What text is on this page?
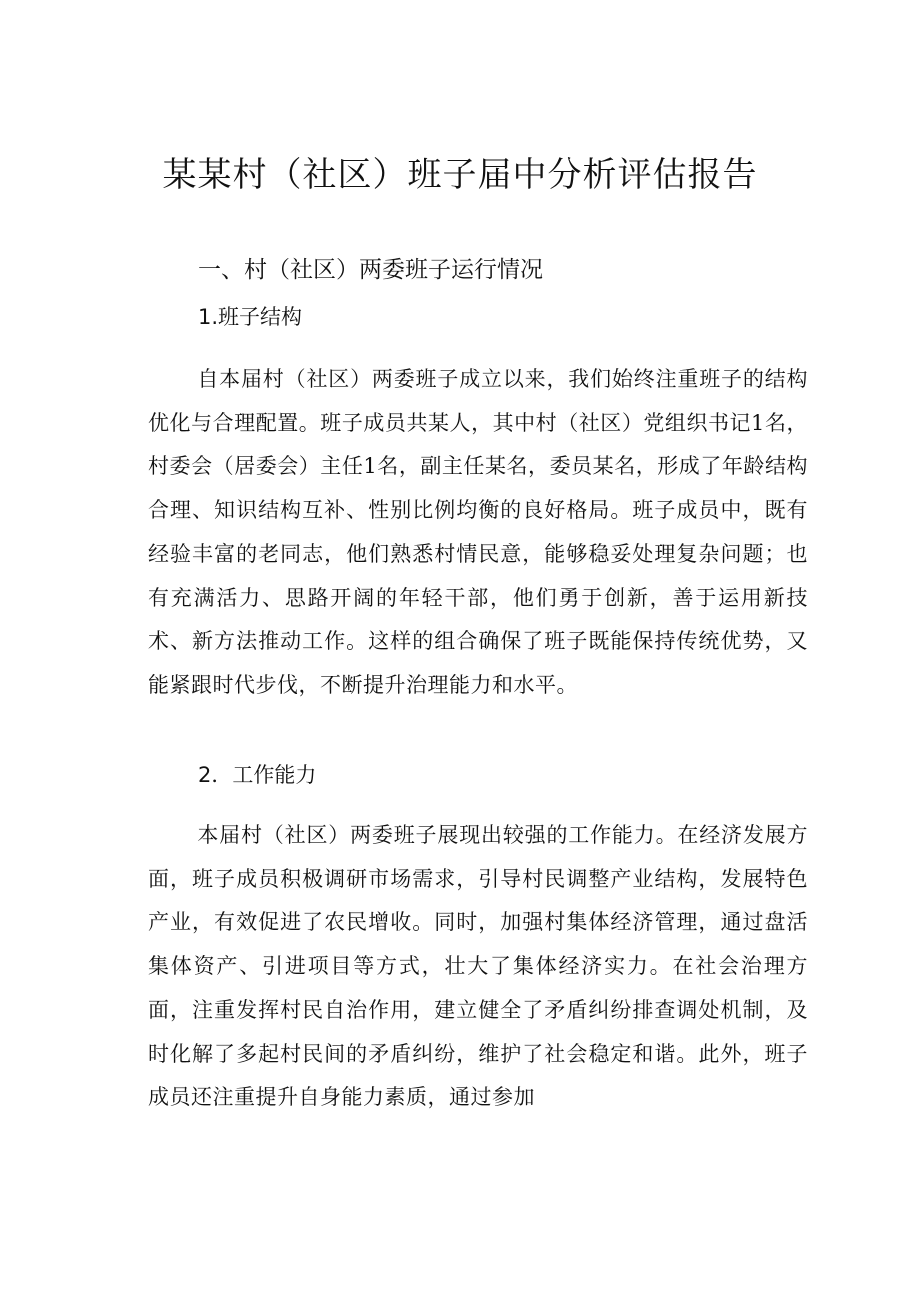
某某村（社区）班子届中分析评估报告
一、村（社区）两委班子运行情况
1.班子结构

自本届村（社区）两委班子成立以来，我们始终注重班子的结构优化与合理配置。班子成员共某人，其中村（社区）党组织书记1名，村委会（居委会）主任1名，副主任某名，委员某名，形成了年龄结构合理、知识结构互补、性别比例均衡的良好格局。班子成员中，既有经验丰富的老同志，他们熟悉村情民意，能够稳妥处理复杂问题；也有充满活力、思路开阔的年轻干部，他们勇于创新，善于运用新技术、新方法推动工作。这样的组合确保了班子既能保持传统优势，又能紧跟时代步伐，不断提升治理能力和水平。

2．工作能力

本届村（社区）两委班子展现出较强的工作能力。在经济发展方面，班子成员积极调研市场需求，引导村民调整产业结构，发展特色产业，有效促进了农民增收。同时，加强村集体经济管理，通过盘活集体资产、引进项目等方式，壮大了集体经济实力。在社会治理方面，注重发挥村民自治作用，建立健全了矛盾纠纷排查调处机制，及时化解了多起村民间的矛盾纠纷，维护了社会稳定和谐。此外，班子成员还注重提升自身能力素质，通过参加
